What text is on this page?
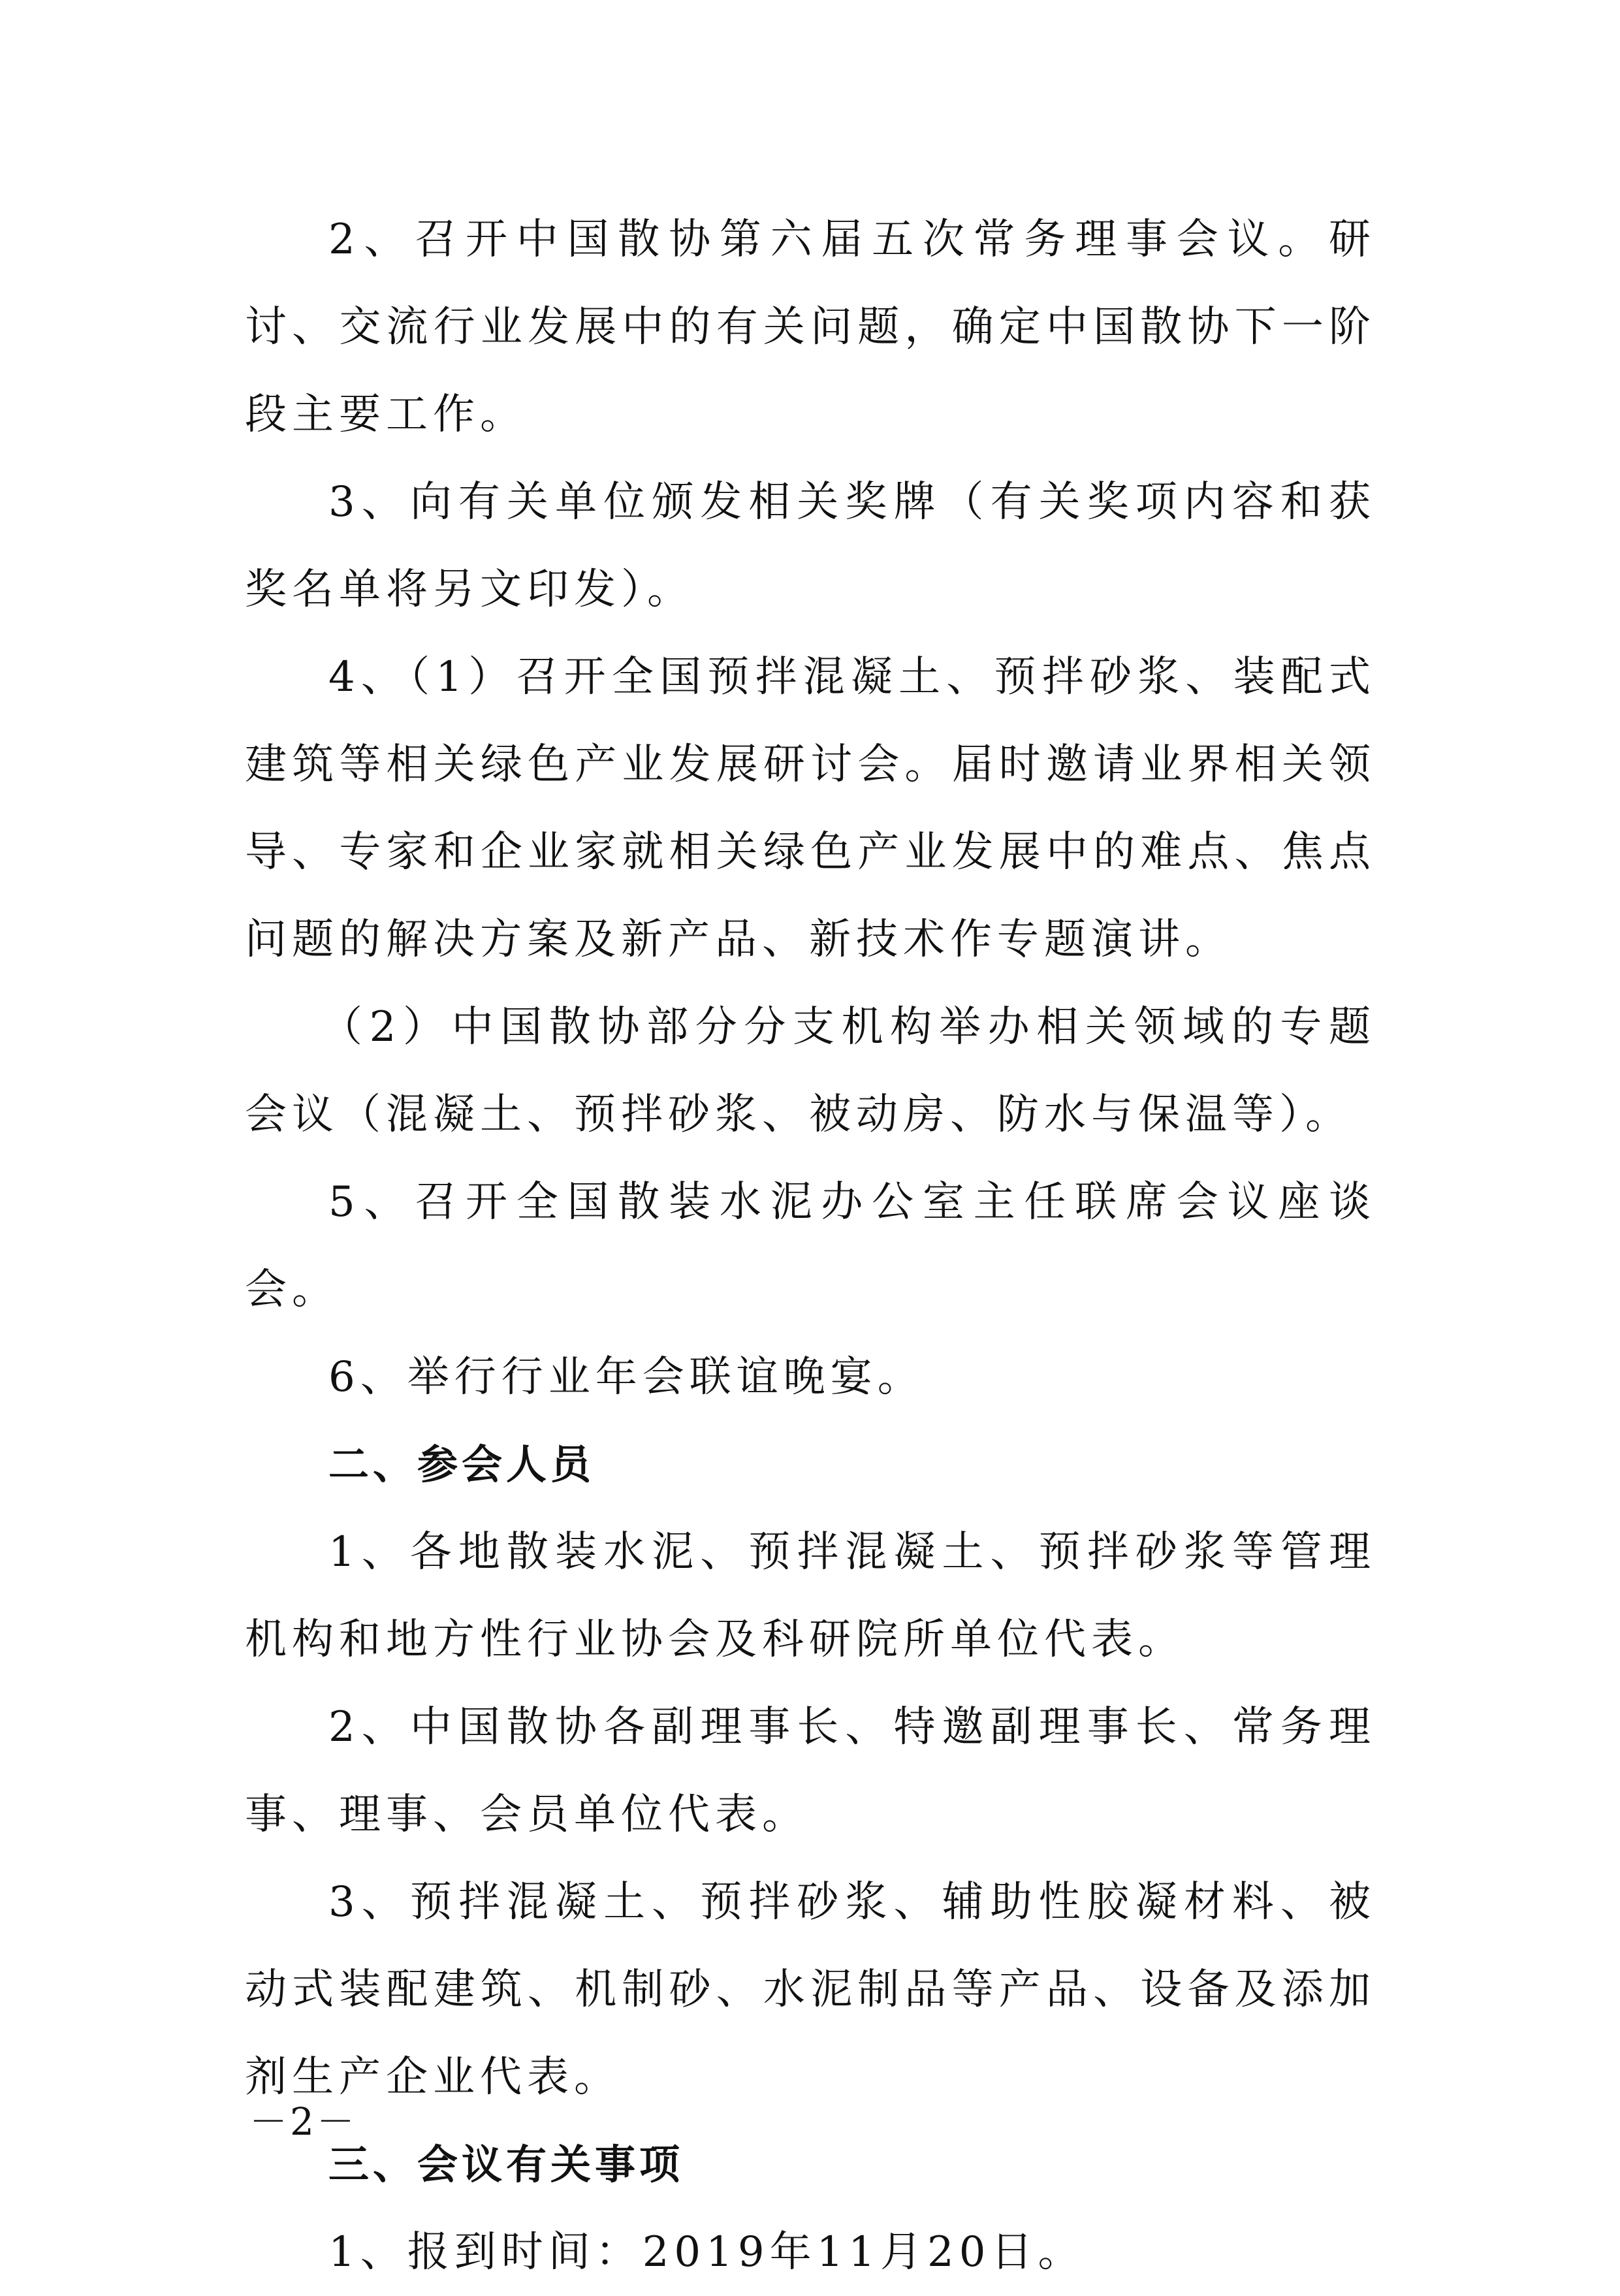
2、召开中国散协第六届五次常务理事会议。研讨、交流行业发展中的有关问题，确定中国散协下一阶段主要工作。

3、向有关单位颁发相关奖牌（有关奖项内容和获奖名单将另文印发）。

4、（1）召开全国预拌混凝土、预拌砂浆、装配式建筑等相关绿色产业发展研讨会。届时邀请业界相关领导、专家和企业家就相关绿色产业发展中的难点、焦点问题的解决方案及新产品、新技术作专题演讲。

（2）中国散协部分分支机构举办相关领域的专题会议（混凝土、预拌砂浆、被动房、防水与保温等）。

5、召开全国散装水泥办公室主任联席会议座谈会。

6、举行行业年会联谊晚宴。

二、参会人员

1、各地散装水泥、预拌混凝土、预拌砂浆等管理机构和地方性行业协会及科研院所单位代表。

2、中国散协各副理事长、特邀副理事长、常务理事、理事、会员单位代表。

3、预拌混凝土、预拌砂浆、辅助性胶凝材料、被动式装配建筑、机制砂、水泥制品等产品、设备及添加剂生产企业代表。

三、会议有关事项

1、报到时间：2019年11月20日。

－2－
